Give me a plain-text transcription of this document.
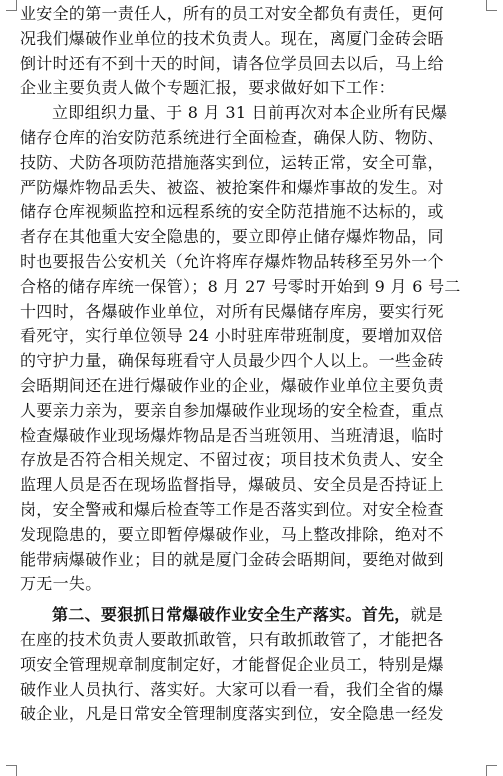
业安全的第一责任人，所有的员工对安全都负有责任，更何
况我们爆破作业单位的技术负责人。现在，离厦门金砖会晤
倒计时还有不到十天的时间，请各位学员回去以后，马上给
企业主要负责人做个专题汇报，要求做好如下工作：
立即组织力量、于 8 月 31 日前再次对本企业所有民爆
储存仓库的治安防范系统进行全面检查，确保人防、物防、
技防、犬防各项防范措施落实到位，运转正常，安全可靠，
严防爆炸物品丢失、被盗、被抢案件和爆炸事故的发生。对
储存仓库视频监控和远程系统的安全防范措施不达标的，或
者存在其他重大安全隐患的，要立即停止储存爆炸物品，同
时也要报告公安机关（允许将库存爆炸物品转移至另外一个
合格的储存库统一保管）；8 月 27 号零时开始到 9 月 6 号二
十四时，各爆破作业单位，对所有民爆储存库房，要实行死
看死守，实行单位领导 24 小时驻库带班制度，要增加双倍
的守护力量，确保每班看守人员最少四个人以上。一些金砖
会晤期间还在进行爆破作业的企业，爆破作业单位主要负责
人要亲力亲为，要亲自参加爆破作业现场的安全检查，重点
检查爆破作业现场爆炸物品是否当班领用、当班清退，临时
存放是否符合相关规定、不留过夜；项目技术负责人、安全
监理人员是否在现场监督指导，爆破员、安全员是否持证上
岗，安全警戒和爆后检查等工作是否落实到位。对安全检查
发现隐患的，要立即暂停爆破作业，马上整改排除，绝对不
能带病爆破作业；目的就是厦门金砖会晤期间，要绝对做到
万无一失。
第二、要狠抓日常爆破作业安全生产落实。首先，就是
在座的技术负责人要敢抓敢管，只有敢抓敢管了，才能把各
项安全管理规章制度制定好，才能督促企业员工，特别是爆
破作业人员执行、落实好。大家可以看一看，我们全省的爆
破企业，凡是日常安全管理制度落实到位，安全隐患一经发
